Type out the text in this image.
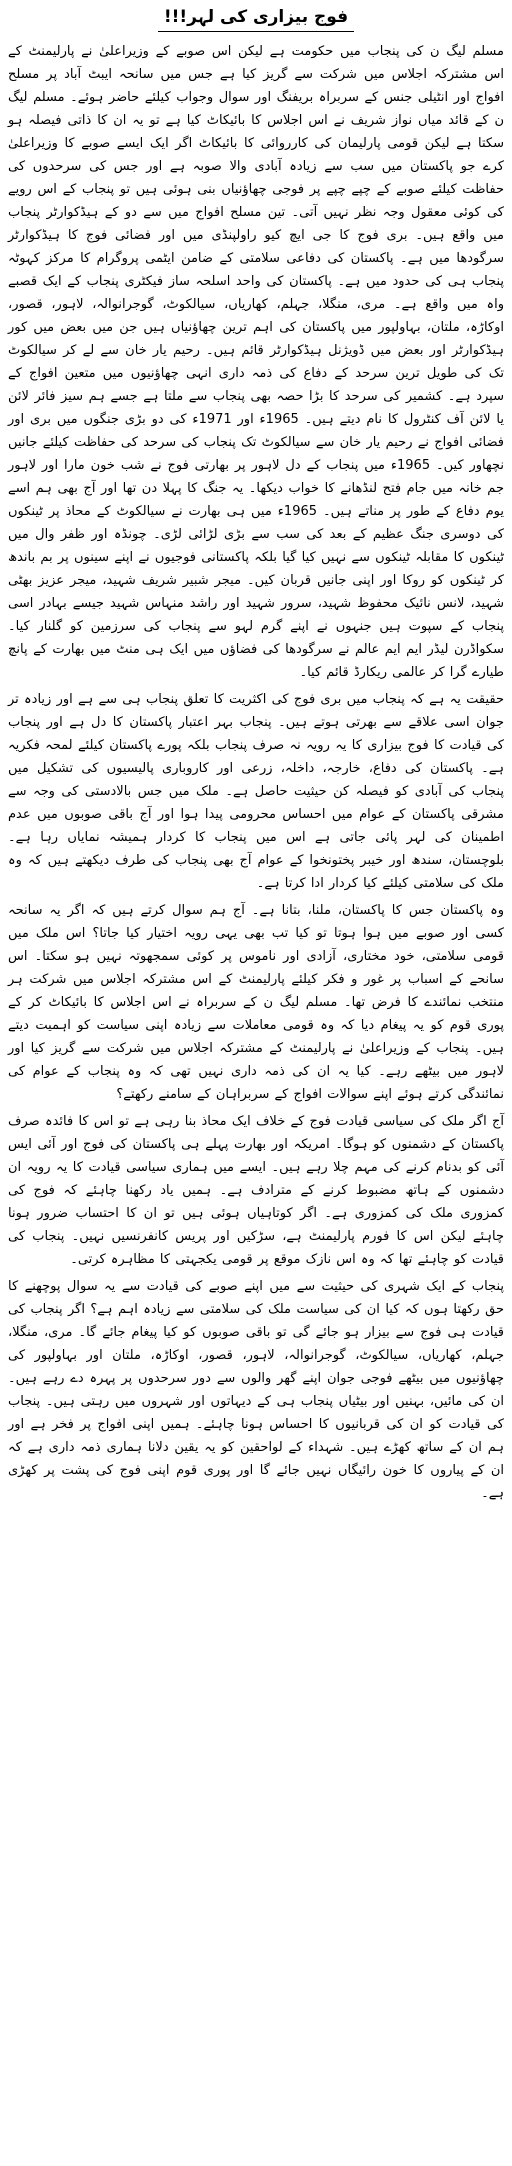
فوج بیزاری کی لہر!!!

مسلم لیگ ن کی پنجاب میں حکومت ہے لیکن اس صوبے کے وزیراعلیٰ نے پارلیمنٹ کے اس مشترکہ اجلاس میں شرکت سے گریز کیا ہے جس میں سانحہ ایبٹ آباد پر مسلح افواج اور انٹیلی جنس کے سربراہ بریفنگ اور سوال وجواب کیلئے حاضر ہوئے۔ مسلم لیگ ن کے قائد میاں نواز شریف نے اس اجلاس کا بائیکاٹ کیا ہے تو یہ ان کا ذاتی فیصلہ ہو سکتا ہے لیکن قومی پارلیمان کی کارروائی کا بائیکاٹ اگر ایک ایسے صوبے کا وزیراعلیٰ کرے جو پاکستان میں سب سے زیادہ آبادی والا صوبہ ہے اور جس کی سرحدوں کی حفاظت کیلئے صوبے کے چپے چپے پر فوجی چھاؤنیاں بنی ہوئی ہیں تو پنجاب کے اس رویے کی کوئی معقول وجہ نظر نہیں آتی۔ تین مسلح افواج میں سے دو کے ہیڈکوارٹر پنجاب میں واقع ہیں۔ بری فوج کا جی ایچ کیو راولپنڈی میں اور فضائی فوج کا ہیڈکوارٹر سرگودھا میں ہے۔ پاکستان کی دفاعی سلامتی کے ضامن ایٹمی پروگرام کا مرکز کہوٹہ پنجاب ہی کی حدود میں ہے۔ پاکستان کی واحد اسلحہ ساز فیکٹری پنجاب کے ایک قصبے واہ میں واقع ہے۔ مری، منگلا، جہلم، کھاریاں، سیالکوٹ، گوجرانوالہ، لاہور، قصور، اوکاڑہ، ملتان، بہاولپور میں پاکستان کی اہم ترین چھاؤنیاں ہیں جن میں بعض میں کور ہیڈکوارٹر اور بعض میں ڈویژنل ہیڈکوارٹر قائم ہیں۔ رحیم یار خان سے لے کر سیالکوٹ تک کی طویل ترین سرحد کے دفاع کی ذمہ داری انہی چھاؤنیوں میں متعین افواج کے سپرد ہے۔ کشمیر کی سرحد کا بڑا حصہ بھی پنجاب سے ملتا ہے جسے ہم سیز فائر لائن یا لائن آف کنٹرول کا نام دیتے ہیں۔ 1965ء اور 1971ء کی دو بڑی جنگوں میں بری اور فضائی افواج نے رحیم یار خان سے سیالکوٹ تک پنجاب کی سرحد کی حفاظت کیلئے جانیں نچھاور کیں۔ 1965ء میں پنجاب کے دل لاہور پر بھارتی فوج نے شب خون مارا اور لاہور جم خانہ میں جام فتح لنڈھانے کا خواب دیکھا۔ یہ جنگ کا پہلا دن تھا اور آج بھی ہم اسے یوم دفاع کے طور پر مناتے ہیں۔ 1965ء میں ہی بھارت نے سیالکوٹ کے محاذ پر ٹینکوں کی دوسری جنگ عظیم کے بعد کی سب سے بڑی لڑائی لڑی۔ چونڈہ اور ظفر وال میں ٹینکوں کا مقابلہ ٹینکوں سے نہیں کیا گیا بلکہ پاکستانی فوجیوں نے اپنے سینوں پر بم باندھ کر ٹینکوں کو روکا اور اپنی جانیں قربان کیں۔ میجر شبیر شریف شہید، میجر عزیز بھٹی شہید، لانس نائیک محفوظ شہید، سرور شہید اور راشد منہاس شہید جیسے بہادر اسی پنجاب کے سپوت ہیں جنہوں نے اپنے گرم لہو سے پنجاب کی سرزمین کو گلنار کیا۔ سکواڈرن لیڈر ایم ایم عالم نے سرگودھا کی فضاؤں میں ایک ہی منٹ میں بھارت کے پانچ طیارے گرا کر عالمی ریکارڈ قائم کیا۔

حقیقت یہ ہے کہ پنجاب میں بری فوج کی اکثریت کا تعلق پنجاب ہی سے ہے اور زیادہ تر جوان اسی علاقے سے بھرتی ہوتے ہیں۔ پنجاب بہر اعتبار پاکستان کا دل ہے اور پنجاب کی قیادت کا فوج بیزاری کا یہ رویہ نہ صرف پنجاب بلکہ پورے پاکستان کیلئے لمحہ فکریہ ہے۔ پاکستان کی دفاع، خارجہ، داخلہ، زرعی اور کاروباری پالیسیوں کی تشکیل میں پنجاب کی آبادی کو فیصلہ کن حیثیت حاصل ہے۔ ملک میں جس بالادستی کی وجہ سے مشرقی پاکستان کے عوام میں احساس محرومی پیدا ہوا اور آج باقی صوبوں میں عدم اطمینان کی لہر پائی جاتی ہے اس میں پنجاب کا کردار ہمیشہ نمایاں رہا ہے۔ بلوچستان، سندھ اور خیبر پختونخوا کے عوام آج بھی پنجاب کی طرف دیکھتے ہیں کہ وہ ملک کی سلامتی کیلئے کیا کردار ادا کرتا ہے۔

وہ پاکستان جس کا پاکستان، ملنا، بتانا ہے۔ آج ہم سوال کرتے ہیں کہ اگر یہ سانحہ کسی اور صوبے میں ہوا ہوتا تو کیا تب بھی یہی رویہ اختیار کیا جاتا؟ اس ملک میں قومی سلامتی، خود مختاری، آزادی اور ناموس پر کوئی سمجھوتہ نہیں ہو سکتا۔ اس سانحے کے اسباب پر غور و فکر کیلئے پارلیمنٹ کے اس مشترکہ اجلاس میں شرکت ہر منتخب نمائندے کا فرض تھا۔ مسلم لیگ ن کے سربراہ نے اس اجلاس کا بائیکاٹ کر کے پوری قوم کو یہ پیغام دیا کہ وہ قومی معاملات سے زیادہ اپنی سیاست کو اہمیت دیتے ہیں۔ پنجاب کے وزیراعلیٰ نے پارلیمنٹ کے مشترکہ اجلاس میں شرکت سے گریز کیا اور لاہور میں بیٹھے رہے۔ کیا یہ ان کی ذمہ داری نہیں تھی کہ وہ پنجاب کے عوام کی نمائندگی کرتے ہوئے اپنے سوالات افواج کے سربراہان کے سامنے رکھتے؟

آج اگر ملک کی سیاسی قیادت فوج کے خلاف ایک محاذ بنا رہی ہے تو اس کا فائدہ صرف پاکستان کے دشمنوں کو ہوگا۔ امریکہ اور بھارت پہلے ہی پاکستان کی فوج اور آئی ایس آئی کو بدنام کرنے کی مہم چلا رہے ہیں۔ ایسے میں ہماری سیاسی قیادت کا یہ رویہ ان دشمنوں کے ہاتھ مضبوط کرنے کے مترادف ہے۔ ہمیں یاد رکھنا چاہئے کہ فوج کی کمزوری ملک کی کمزوری ہے۔ اگر کوتاہیاں ہوئی ہیں تو ان کا احتساب ضرور ہونا چاہئے لیکن اس کا فورم پارلیمنٹ ہے، سڑکیں اور پریس کانفرنسیں نہیں۔ پنجاب کی قیادت کو چاہئے تھا کہ وہ اس نازک موقع پر قومی یکجہتی کا مظاہرہ کرتی۔

پنجاب کے ایک شہری کی حیثیت سے میں اپنے صوبے کی قیادت سے یہ سوال پوچھنے کا حق رکھتا ہوں کہ کیا ان کی سیاست ملک کی سلامتی سے زیادہ اہم ہے؟ اگر پنجاب کی قیادت ہی فوج سے بیزار ہو جائے گی تو باقی صوبوں کو کیا پیغام جائے گا۔ مری، منگلا، جہلم، کھاریاں، سیالکوٹ، گوجرانوالہ، لاہور، قصور، اوکاڑہ، ملتان اور بہاولپور کی چھاؤنیوں میں بیٹھے فوجی جوان اپنے گھر والوں سے دور سرحدوں پر پہرہ دے رہے ہیں۔ ان کی مائیں، بہنیں اور بیٹیاں پنجاب ہی کے دیہاتوں اور شہروں میں رہتی ہیں۔ پنجاب کی قیادت کو ان کی قربانیوں کا احساس ہونا چاہئے۔ ہمیں اپنی افواج پر فخر ہے اور ہم ان کے ساتھ کھڑے ہیں۔ شہداء کے لواحقین کو یہ یقین دلانا ہماری ذمہ داری ہے کہ ان کے پیاروں کا خون رائیگاں نہیں جائے گا اور پوری قوم اپنی فوج کی پشت پر کھڑی ہے۔
